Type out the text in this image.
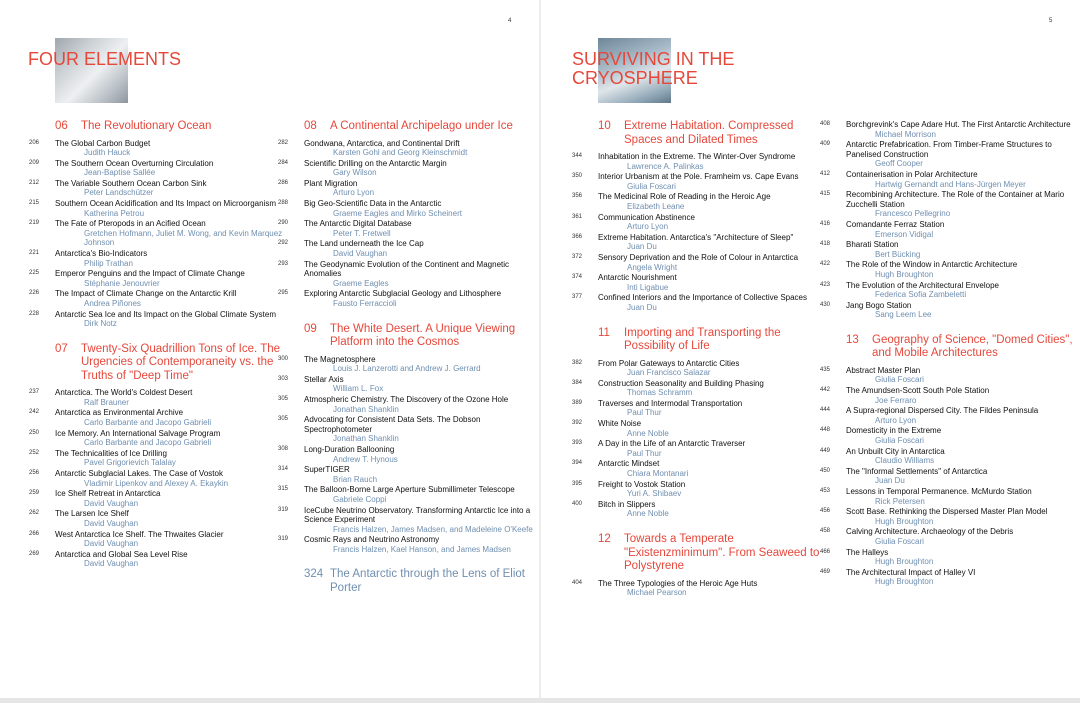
FOUR ELEMENTS
4
06	The Revolutionary Ocean
206	The Global Carbon Budget
Judith Hauck
209	The Southern Ocean Overturning Circulation
Jean-Baptise Sallée
212	The Variable Southern Ocean Carbon Sink
Peter Landschützer
215	Southern Ocean Acidification and Its Impact on Microorganism
Katherina Petrou
219	The Fate of Pteropods in an Acified Ocean
Gretchen Hofmann, Juliet M. Wong, and Kevin Marquez Johnson
221	Antarctica's Bio-Indicators
Philip Trathan
225	Emperor Penguins and the Impact of Climate Change
Stéphanie Jenouvrier
226	The Impact of Climate Change on the Antarctic Krill
Andrea Piñones
228	Antarctic Sea Ice and Its Impact on the Global Climate System
Dirk Notz
07	Twenty-Six Quadrillion Tons of Ice. The Urgencies of Contemporaneity vs. the Truths of "Deep Time"
237	Antarctica. The World's Coldest Desert
Ralf Brauner
242	Antarctica as Environmental Archive
Carlo Barbante and Jacopo Gabrieli
250	Ice Memory. An International Salvage Program
Carlo Barbante and Jacopo Gabrieli
252	The Technicalities of Ice Drilling
Pavel Grigorievich Talalay
256	Antarctic Subglacial Lakes. The Case of Vostok
Vladimir Lipenkov and Alexey A. Ekaykin
259	Ice Shelf Retreat in Antarctica
David Vaughan
262	The Larsen Ice Shelf
David Vaughan
266	West Antarctica Ice Shelf. The Thwaites Glacier
David Vaughan
269	Antarctica and Global Sea Level Rise
David Vaughan
08	A Continental Archipelago under Ice
282	Gondwana, Antarctica, and Continental Drift
Karsten Gohl and Georg Kleinschmidt
284	Scientific Drilling on the Antarctic Margin
Gary Wilson
286	Plant Migration
Arturo Lyon
288	Big Geo-Scientific Data in the Antarctic
Graeme Eagles and Mirko Scheinert
290	The Antarctic Digital Database
Peter T. Fretwell
292	The Land underneath the Ice Cap
David Vaughan
293	The Geodynamic Evolution of the Continent and Magnetic Anomalies
Graeme Eagles
295	Exploring Antarctic Subglacial Geology and Lithosphere
Fausto Ferraccioli
09	The White Desert. A Unique Viewing Platform into the Cosmos
300	The Magnetosphere
Louis J. Lanzerotti and Andrew J. Gerrard
303	Stellar Axis
William L. Fox
305	Atmospheric Chemistry. The Discovery of the Ozone Hole
Jonathan Shanklin
305	Advocating for Consistent Data Sets. The Dobson Spectrophotometer
Jonathan Shanklin
308	Long-Duration Ballooning
Andrew T. Hynous
314	SuperTIGER
Brian Rauch
315	The Balloon-Borne Large Aperture Submillimeter Telescope
Gabriele Coppi
319	IceCube Neutrino Observatory. Transforming Antarctic Ice into a Science Experiment
Francis Halzen, James Madsen, and Madeleine O'Keefe
319	Cosmic Rays and Neutrino Astronomy
Francis Halzen, Kael Hanson, and James Madsen
324 The Antarctic through the Lens of Eliot Porter
SURVIVING IN THE CRYOSPHERE
5
10	Extreme Habitation. Compressed Spaces and Dilated Times
344	Inhabitation in the Extreme. The Winter-Over Syndrome
Lawrence A. Palinkas
350	Interior Urbanism at the Pole. Framheim vs. Cape Evans
Giulia Foscari
356	The Medicinal Role of Reading in the Heroic Age
Elizabeth Leane
361	Communication Abstinence
Arturo Lyon
366	Extreme Habitation. Antarctica's "Architecture of Sleep"
Juan Du
372	Sensory Deprivation and the Role of Colour in Antarctica
Angela Wright
374	Antarctic Nourishment
Inti Ligabue
377	Confined Interiors and the Importance of Collective Spaces
Juan Du
11	Importing and Transporting the Possibility of Life
382	From Polar Gateways to Antarctic Cities
Juan Francisco Salazar
384	Construction Seasonality and Building Phasing
Thomas Schramm
389	Traverses and Intermodal Transportation
Paul Thur
392	White Noise
Anne Noble
393	A Day in the Life of an Antarctic Traverser
Paul Thur
394	Antarctic Mindset
Chiara Montanari
395	Freight to Vostok Station
Yuri A. Shibaev
400	Bitch in Slippers
Anne Noble
12	Towards a Temperate "Existenzminimum". From Seaweed to Polystyrene
404	The Three Typologies of the Heroic Age Huts
Michael Pearson
408	Borchgrevink's Cape Adare Hut. The First Antarctic Architecture
Michael Morrison
409	Antarctic Prefabrication. From Timber-Frame Structures to Panelised Construction
Geoff Cooper
412	Containerisation in Polar Architecture
Hartwig Gernandt and Hans-Jürgen Meyer
415	Recombining Architecture. The Role of the Container at Mario Zucchelli Station
Francesco Pellegrino
416	Comandante Ferraz Station
Emerson Vidigal
418	Bharati Station
Bert Bücking
422	The Role of the Window in Antarctic Architecture
Hugh Broughton
423	The Evolution of the Architectural Envelope
Federica Sofia Zambeletti
430	Jang Bogo Station
Sang Leem Lee
13	Geography of Science, "Domed Cities", and Mobile Architectures
435	Abstract Master Plan
Giulia Foscari
442	The Amundsen-Scott South Pole Station
Joe Ferraro
444	A Supra-regional Dispersed City. The Fildes Peninsula
Arturo Lyon
448	Domesticity in the Extreme
Giulia Foscari
449	An Unbuilt City in Antarctica
Claudio Williams
450	The "Informal Settlements" of Antarctica
Juan Du
453	Lessons in Temporal Permanence. McMurdo Station
Rick Petersen
456	Scott Base. Rethinking the Dispersed Master Plan Model
Hugh Broughton
458	Calving Architecture. Archaeology of the Debris
Giulia Foscari
466	The Halleys
Hugh Broughton
469	The Architectural Impact of Halley VI
Hugh Broughton
